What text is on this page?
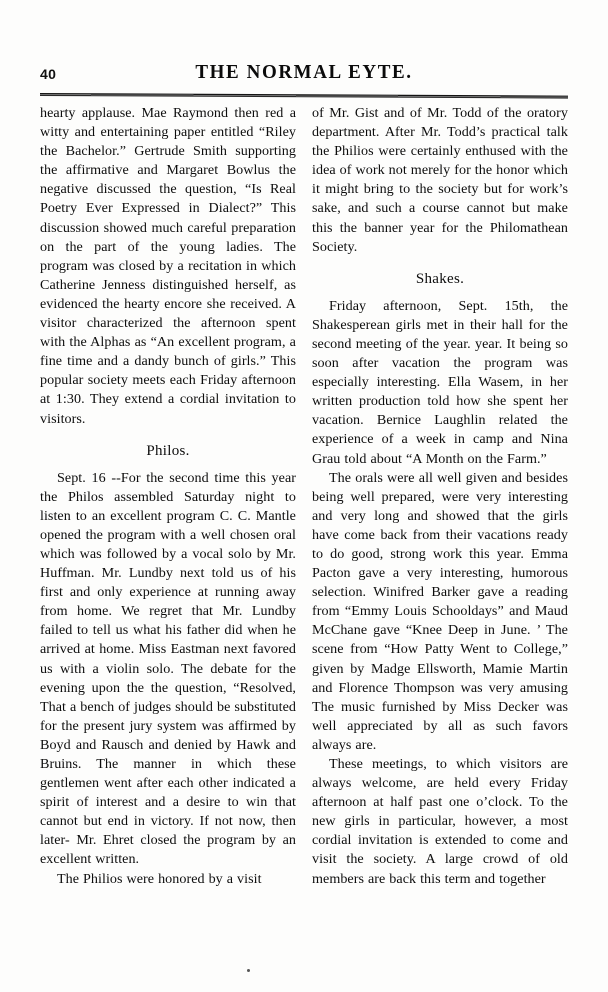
40	THE NORMAL EYTE.

hearty applause. Mae Raymond then red a witty and entertaining paper entitled “Riley the Bachelor.” Gertrude Smith supporting the affirmative and Margaret Bowlus the negative discussed the question, “Is Real Poetry Ever Expressed in Dialect?” This discussion showed much careful preparation on the part of the young ladies. The program was closed by a recitation in which Catherine Jenness distinguished herself, as evidenced the hearty encore she received. A visitor characterized the afternoon spent with the Alphas as “An excellent program, a fine time and a dandy bunch of girls.” This popular society meets each Friday afternoon at 1:30. They extend a cordial invitation to visitors.

Philos.

Sept. 16 --For the second time this year the Philos assembled Saturday night to listen to an excellent program C. C. Mantle opened the program with a well chosen oral which was followed by a vocal solo by Mr. Huffman. Mr. Lundby next told us of his first and only experience at running away from home. We regret that Mr. Lundby failed to tell us what his father did when he arrived at home. Miss Eastman next favored us with a violin solo. The debate for the evening upon the the question, “Resolved, That a bench of judges should be substituted for the present jury system was affirmed by Boyd and Rausch and denied by Hawk and Bruins. The manner in which these gentlemen went after each other indicated a spirit of interest and a desire to win that cannot but end in victory. If not now, then later- Mr. Ehret closed the program by an excellent written.

The Philios were honored by a visit

of Mr. Gist and of Mr. Todd of the oratory department. After Mr. Todd’s practical talk the Philios were certainly enthused with the idea of work not merely for the honor which it might bring to the society but for work’s sake, and such a course cannot but make this the banner year for the Philomathean Society.

Shakes.

Friday afternoon, Sept. 15th, the Shakesperean girls met in their hall for the second meeting of the year. year. It being so soon after vacation the program was especially interesting. Ella Wasem, in her written production told how she spent her vacation. Bernice Laughlin related the experience of a week in camp and Nina Grau told about “A Month on the Farm.”

The orals were all well given and besides being well prepared, were very interesting and very long and showed that the girls have come back from their vacations ready to do good, strong work this year. Emma Pacton gave a very interesting, humorous selection. Winifred Barker gave a reading from “Emmy Louis Schooldays” and Maud McChane gave “Knee Deep in June. ’ The scene from “How Patty Went to College,” given by Madge Ellsworth, Mamie Martin and Florence Thompson was very amusing The music furnished by Miss Decker was well appreciated by all as such favors always are.

These meetings, to which visitors are always welcome, are held every Friday afternoon at half past one o’clock. To the new girls in particular, however, a most cordial invitation is extended to come and visit the society. A large crowd of old members are back this term and together
